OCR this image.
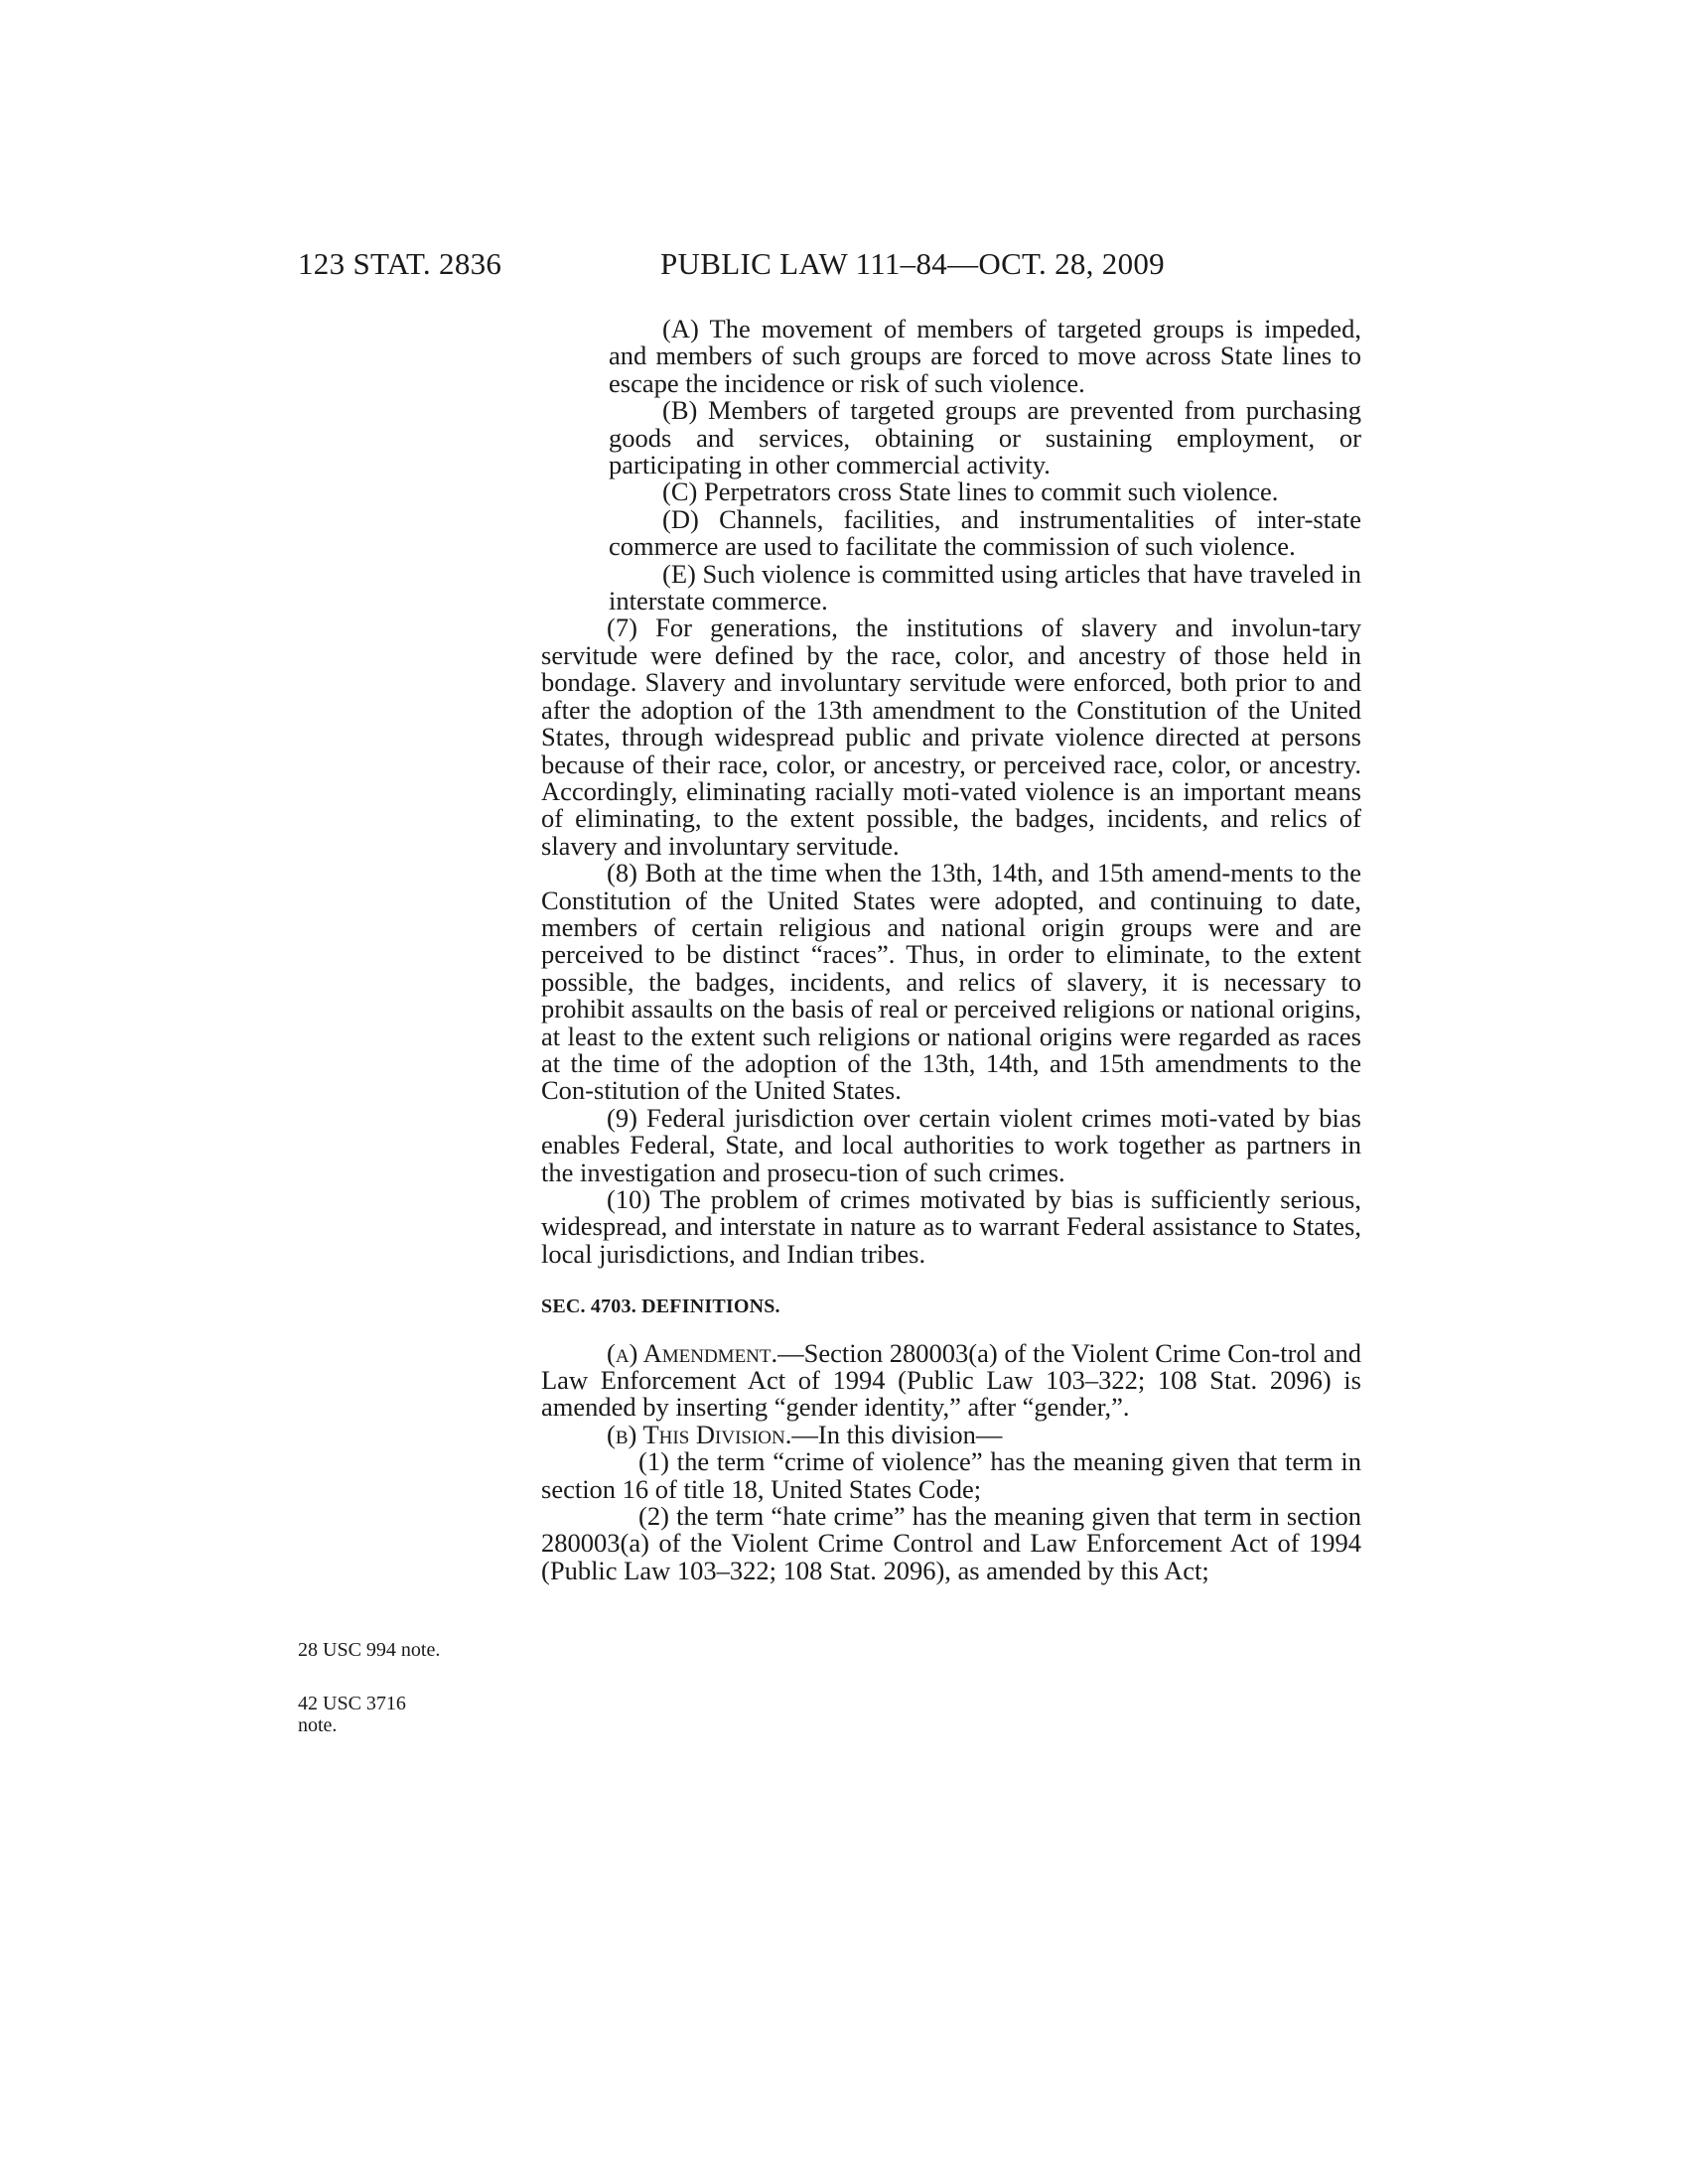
123 STAT. 2836	PUBLIC LAW 111–84—OCT. 28, 2009
28 USC 994 note.
42 USC 3716
note.

(A) The movement of members of targeted groups is impeded, and members of such groups are forced to move across State lines to escape the incidence or risk of such violence.

(B) Members of targeted groups are prevented from purchasing goods and services, obtaining or sustaining employment, or participating in other commercial activity.

(C) Perpetrators cross State lines to commit such violence.

(D) Channels, facilities, and instrumentalities of inter-state commerce are used to facilitate the commission of such violence.

(E) Such violence is committed using articles that have traveled in interstate commerce.

(7) For generations, the institutions of slavery and involun-tary servitude were defined by the race, color, and ancestry of those held in bondage. Slavery and involuntary servitude were enforced, both prior to and after the adoption of the 13th amendment to the Constitution of the United States, through widespread public and private violence directed at persons because of their race, color, or ancestry, or perceived race, color, or ancestry. Accordingly, eliminating racially moti-vated violence is an important means of eliminating, to the extent possible, the badges, incidents, and relics of slavery and involuntary servitude.

(8) Both at the time when the 13th, 14th, and 15th amend-ments to the Constitution of the United States were adopted, and continuing to date, members of certain religious and national origin groups were and are perceived to be distinct “races”. Thus, in order to eliminate, to the extent possible, the badges, incidents, and relics of slavery, it is necessary to prohibit assaults on the basis of real or perceived religions or national origins, at least to the extent such religions or national origins were regarded as races at the time of the adoption of the 13th, 14th, and 15th amendments to the Con-stitution of the United States.

(9) Federal jurisdiction over certain violent crimes moti-vated by bias enables Federal, State, and local authorities to work together as partners in the investigation and prosecu-tion of such crimes.

(10) The problem of crimes motivated by bias is sufficiently serious, widespread, and interstate in nature as to warrant Federal assistance to States, local jurisdictions, and Indian tribes.

SEC. 4703. DEFINITIONS.

(a) Amendment.—Section 280003(a) of the Violent Crime Con-trol and Law Enforcement Act of 1994 (Public Law 103–322; 108 Stat. 2096) is amended by inserting “gender identity,” after “gender,”.

(b) This Division.—In this division—

(1) the term “crime of violence” has the meaning given that term in section 16 of title 18, United States Code;

(2) the term “hate crime” has the meaning given that term in section 280003(a) of the Violent Crime Control and Law Enforcement Act of 1994 (Public Law 103–322; 108 Stat. 2096), as amended by this Act;
